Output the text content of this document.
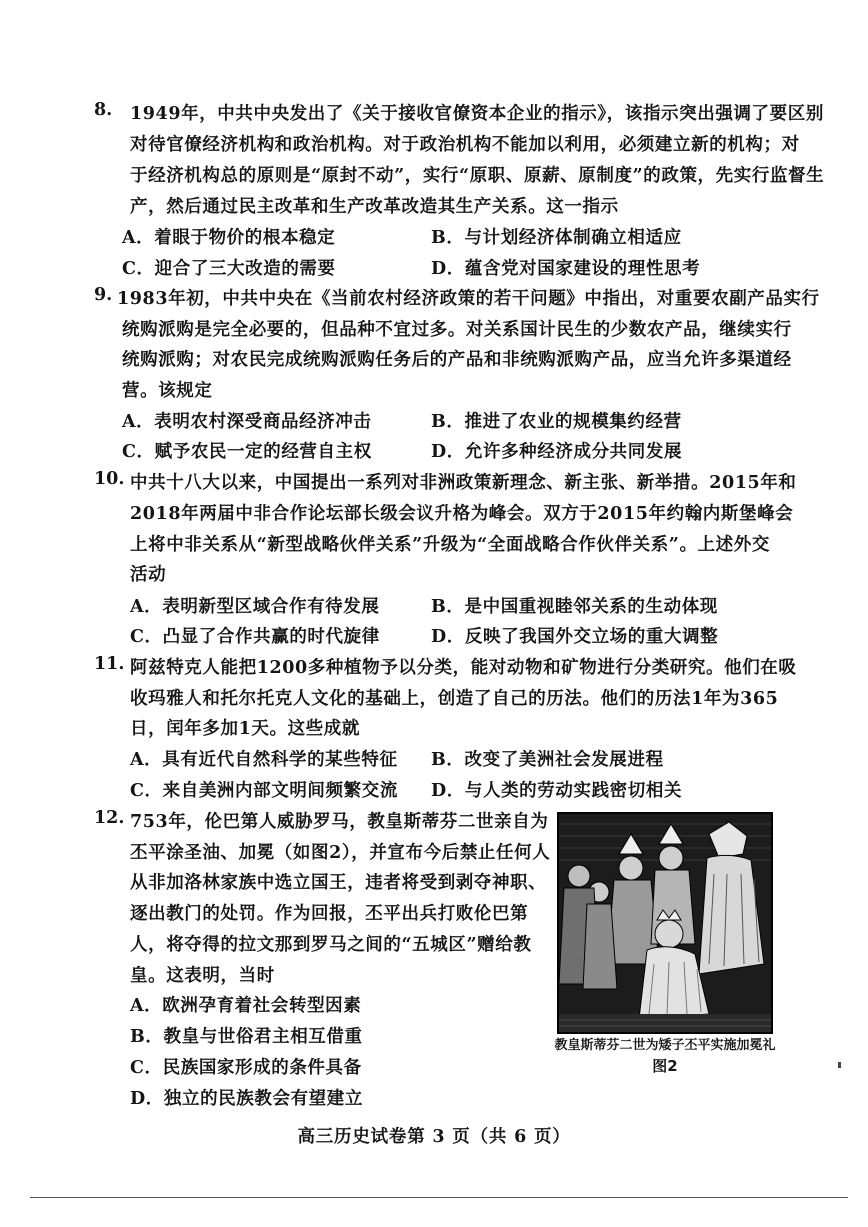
8. 1949年，中共中央发出了《关于接收官僚资本企业的指示》，该指示突出强调了要区别
对待官僚经济机构和政治机构。对于政治机构不能加以利用，必须建立新的机构；对
于经济机构总的原则是“原封不动”，实行“原职、原薪、原制度”的政策，先实行监督生
产，然后通过民主改革和生产改革改造其生产关系。这一指示
A．着眼于物价的根本稳定	B．与计划经济体制确立相适应
C．迎合了三大改造的需要	D．蕴含党对国家建设的理性思考
9. 1983年初，中共中央在《当前农村经济政策的若干问题》中指出，对重要农副产品实行
统购派购是完全必要的，但品种不宜过多。对关系国计民生的少数农产品，继续实行
统购派购；对农民完成统购派购任务后的产品和非统购派购产品，应当允许多渠道经
营。该规定
A．表明农村深受商品经济冲击	B．推进了农业的规模集约经营
C．赋予农民一定的经营自主权	D．允许多种经济成分共同发展
10. 中共十八大以来，中国提出一系列对非洲政策新理念、新主张、新举措。2015年和
2018年两届中非合作论坛部长级会议升格为峰会。双方于2015年约翰内斯堡峰会
上将中非关系从“新型战略伙伴关系”升级为“全面战略合作伙伴关系”。上述外交
活动
A．表明新型区域合作有待发展	B．是中国重视睦邻关系的生动体现
C．凸显了合作共赢的时代旋律	D．反映了我国外交立场的重大调整
11. 阿兹特克人能把1200多种植物予以分类，能对动物和矿物进行分类研究。他们在吸
收玛雅人和托尔托克人文化的基础上，创造了自己的历法。他们的历法1年为365
日，闰年多加1天。这些成就
A．具有近代自然科学的某些特征 B．改变了美洲社会发展进程
C．来自美洲内部文明间频繁交流 D．与人类的劳动实践密切相关
12. 753年，伦巴第人威胁罗马，教皇斯蒂芬二世亲自为
丕平涂圣油、加冕（如图2），并宣布今后禁止任何人
从非加洛林家族中选立国王，违者将受到剥夺神职、
逐出教门的处罚。作为回报，丕平出兵打败伦巴第
人，将夺得的拉文那到罗马之间的“五城区”赠给教
皇。这表明，当时
A．欧洲孕育着社会转型因素
B．教皇与世俗君主相互借重
C．民族国家形成的条件具备
D．独立的民族教会有望建立
教皇斯蒂芬二世为矮子丕平实施加冕礼
图2
高三历史试卷第 3 页（共 6 页）
